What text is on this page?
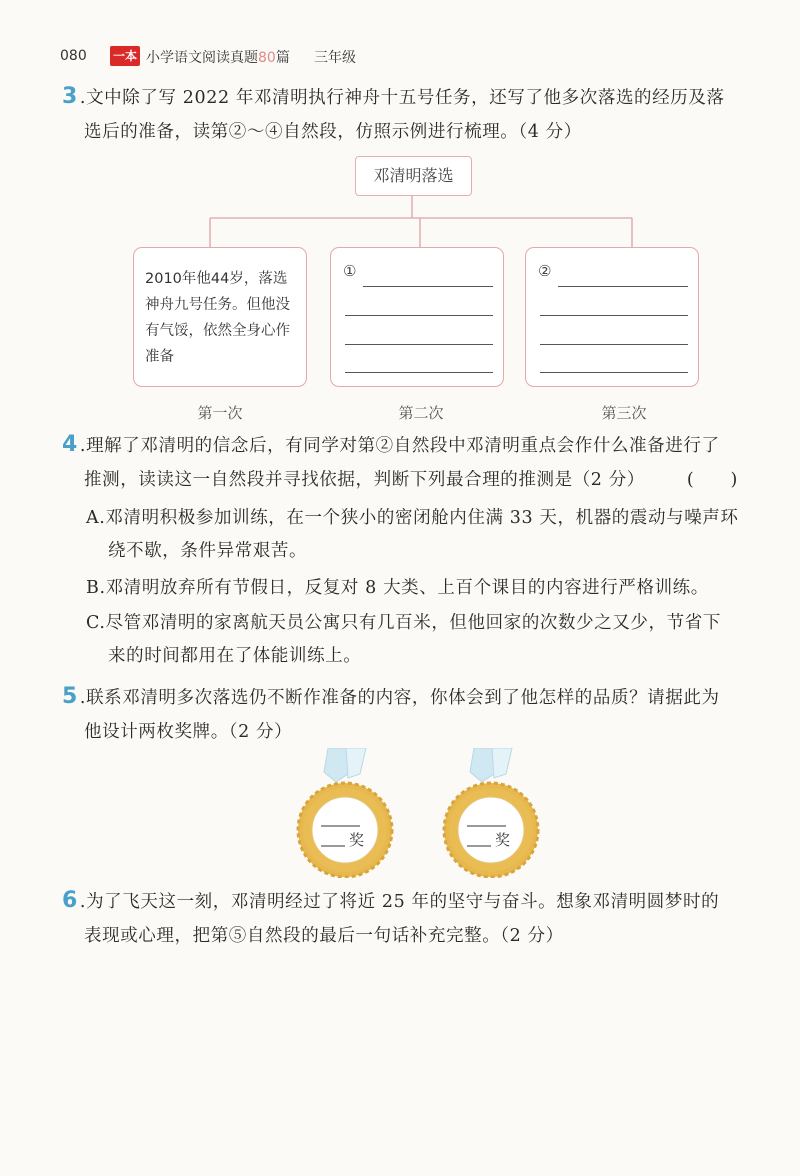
080 一本 小学语文阅读真题80篇 三年级
3 .文中除了写 2022 年邓清明执行神舟十五号任务，还写了他多次落选的经历及落
选后的准备，读第②～④自然段，仿照示例进行梳理。（4 分）
邓清明落选
2010年他44岁，落选神舟九号任务。但他没有气馁，依然全身心作准备
①	②
第一次	第二次	第三次
4 .理解了邓清明的信念后，有同学对第②自然段中邓清明重点会作什么准备进行了
推测，读读这一自然段并寻找依据，判断下列最合理的推测是（2 分） (　　)
A.邓清明积极参加训练，在一个狭小的密闭舱内住满 33 天，机器的震动与噪声环
绕不歇，条件异常艰苦。
B.邓清明放弃所有节假日，反复对 8 大类、上百个课目的内容进行严格训练。
C.尽管邓清明的家离航天员公寓只有几百米，但他回家的次数少之又少，节省下
来的时间都用在了体能训练上。
5 .联系邓清明多次落选仍不断作准备的内容，你体会到了他怎样的品质？请据此为
他设计两枚奖牌。（2 分）
奖	奖
6 .为了飞天这一刻，邓清明经过了将近 25 年的坚守与奋斗。想象邓清明圆梦时的
表现或心理，把第⑤自然段的最后一句话补充完整。（2 分）
